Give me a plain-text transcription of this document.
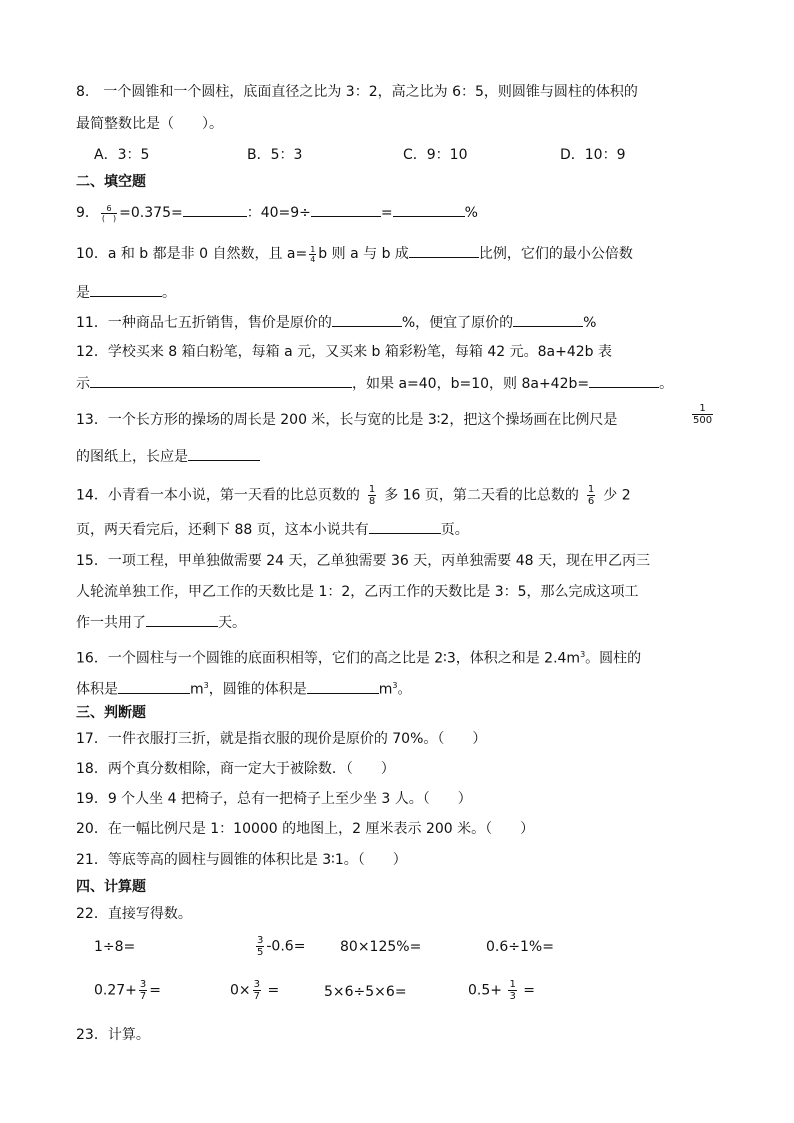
8.　一个圆锥和一个圆柱，底面直径之比为 3：2，高之比为 6：5，则圆锥与圆柱的体积的
最简整数比是（　　）。
A．3：5	B．5：3	C．9：10	D．10：9
二、填空题
9． $\frac{6}{( )} =0.375=$	：40=9÷	=	%
10．a 和 b 都是非 0 自然数，且 $a= \frac{1}{4}$ b 则 a 与 b 成	比例，它们的最小公倍数
是	。
11．一种商品七五折销售，售价是原价的	%，便宜了原价的	%
12．学校买来 8 箱白粉笔，每箱 a 元，又买来 b 箱彩粉笔，每箱 42 元。8a+42b 表
示	，如果 a=40，b=10，则 8a+42b=	。
13．一个长方形的操场的周长是 200 米，长与宽的比是 3∶2，把这个操场画在比例尺是	$\frac{1}{500}$
的图纸上，长应是
14．小青看一本小说，第一天看的比总页数的 $\frac{1}{8}$ 多 16 页，第二天看的比总数的 $\frac{1}{6}$ 少 2
页，两天看完后，还剩下 88 页，这本小说共有	页。
15．一项工程，甲单独做需要 24 天，乙单独需要 36 天，丙单独需要 48 天，现在甲乙丙三
人轮流单独工作，甲乙工作的天数比是 1：2，乙丙工作的天数比是 3：5，那么完成这项工
作一共用了	天。
16．一个圆柱与一个圆锥的底面积相等，它们的高之比是 2∶3，体积之和是 $2.4m^3$。圆柱的
体积是	$m^3$，圆锥的体积是	$m^3$。
三、判断题
17．一件衣服打三折，就是指衣服的现价是原价的 70%。（　　）
18．两个真分数相除，商一定大于被除数．（　　）
19．9 个人坐 4 把椅子，总有一把椅子上至少坐 3 人。（　　）
20．在一幅比例尺是 1：10000 的地图上，2 厘米表示 200 米。（　　）
21．等底等高的圆柱与圆锥的体积比是 3∶1。（　　）
四、计算题
22．直接写得数。
1÷8=	$\frac{3}{5} -0.6= 80\times 125\%=$	0.6÷1%=
$0.27+ \frac{3}{7}$ =	$0\times \frac{3}{7}$ =	5×6÷5×6=	$0.5+ \frac{1}{3}$ =
23．计算。
